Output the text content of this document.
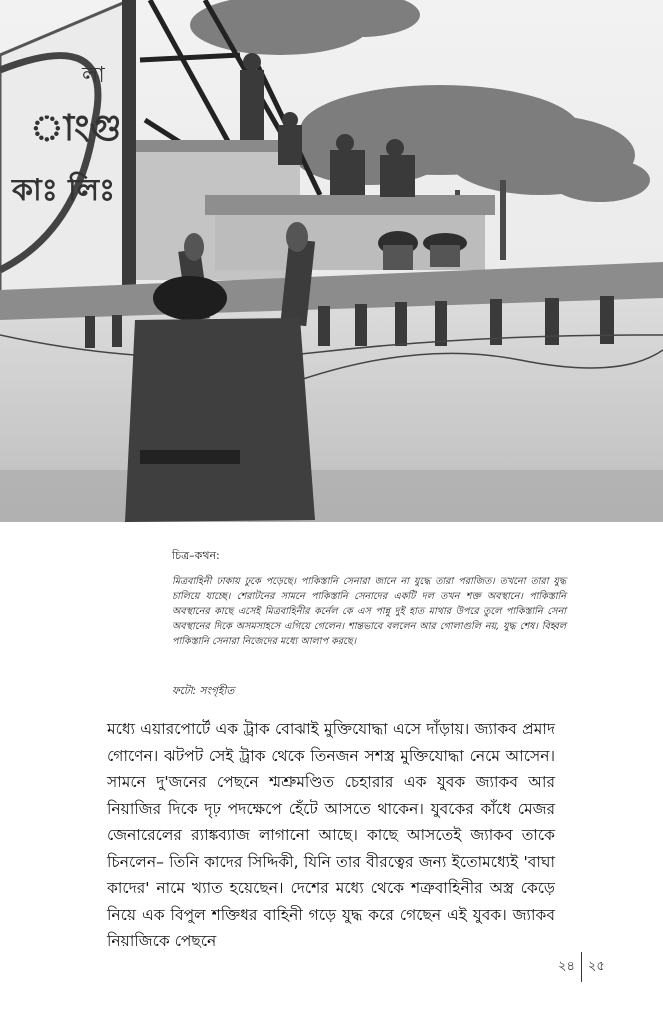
লা
াংগু
কাঃ লিঃ
চিত্র–কথন:
মিত্রবাহিনী ঢাকায় ঢুকে পড়েছে। পাকিস্তানি সেনারা জানে না যুদ্ধে তারা পরাজিত। তখনো তারা যুদ্ধ চালিয়ে যাচ্ছে। শেরাটনের সামনে পাকিস্তানি সেনাদের একটি দল তখন শক্ত অবস্থানে। পাকিস্তানি অবস্থানের কাছে এসেই মিত্রবাহিনীর কর্নেল কে এস পান্নু দুই হাত মাথার উপরে তুলে পাকিস্তানি সেনা অবস্থানের দিকে অসমসাহসে এগিয়ে গেলেন। শান্তভাবে বললেন আর গোলাগুলি নয়, যুদ্ধ শেষ। বিহ্বল পাকিস্তানি সেনারা নিজেদের মধ্যে আলাপ করছে।
ফটো: সংগৃহীত

মধ্যে এয়ারপোর্টে এক ট্রাক বোঝাই মুক্তিযোদ্ধা এসে দাঁড়ায়। জ্যাকব প্রমাদ গোণেন। ঝটপট সেই ট্রাক থেকে তিনজন সশস্ত্র মুক্তিযোদ্ধা নেমে আসেন। সামনে দু'জনের পেছনে শ্মশ্রুমণ্ডিত চেহারার এক যুবক জ্যাকব আর নিয়াজির দিকে দৃঢ় পদক্ষেপে হেঁটে আসতে থাকেন। যুবকের কাঁধে মেজর জেনারেলের র‍্যাঙ্কব্যাজ লাগানো আছে। কাছে আসতেই জ্যাকব তাকে চিনলেন– তিনি কাদের সিদ্দিকী, যিনি তার বীরত্বের জন্য ইতোমধ্যেই 'বাঘা কাদের' নামে খ্যাত হয়েছেন। দেশের মধ্যে থেকে শত্রুবাহিনীর অস্ত্র কেড়ে নিয়ে এক বিপুল শক্তিধর বাহিনী গড়ে যুদ্ধ করে গেছেন এই যুবক। জ্যাকব নিয়াজিকে পেছনে

২৪ ২৫
